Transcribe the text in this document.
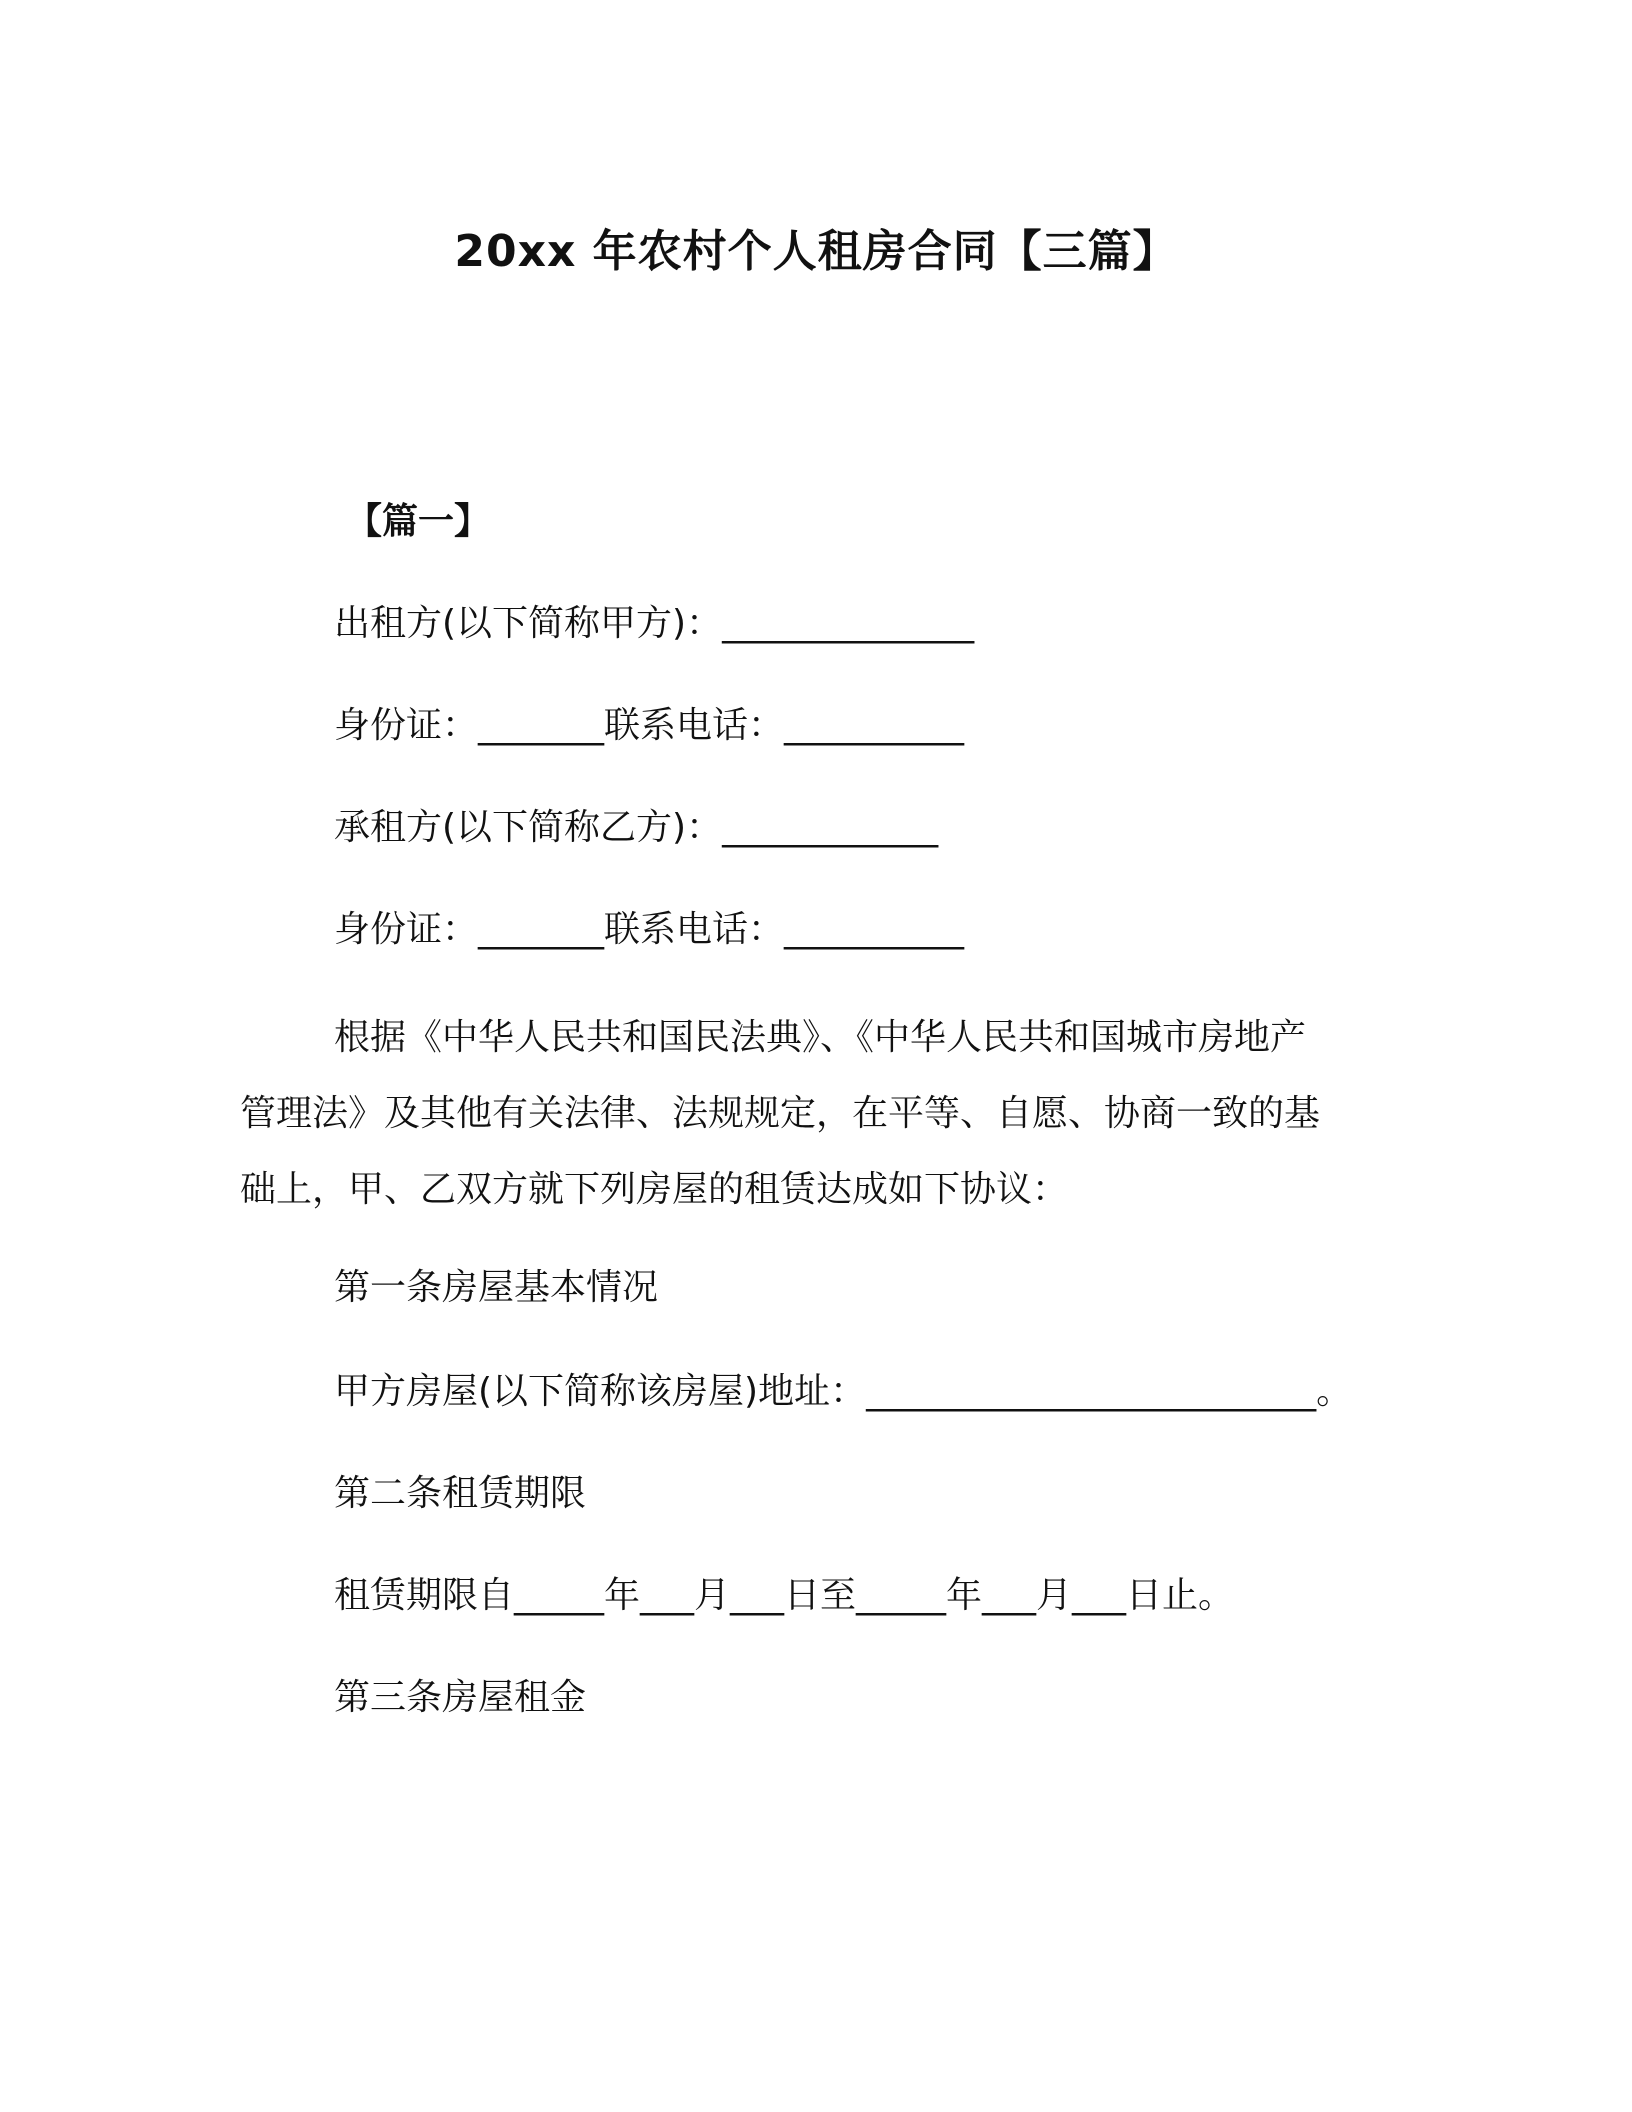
20xx 年农村个人租房合同【三篇】
【篇一】
出租方(以下简称甲方)：______________
身份证：_______联系电话：__________
承租方(以下简称乙方)：____________
身份证：_______联系电话：__________
根据《中华人民共和国民法典》、《中华人民共和国城市房地产
管理法》及其他有关法律、法规规定，在平等、自愿、协商一致的基
础上，甲、乙双方就下列房屋的租赁达成如下协议：
第一条房屋基本情况
甲方房屋(以下简称该房屋)地址：_________________________。
第二条租赁期限
租赁期限自_____年___月___日至_____年___月___日止。
第三条房屋租金
